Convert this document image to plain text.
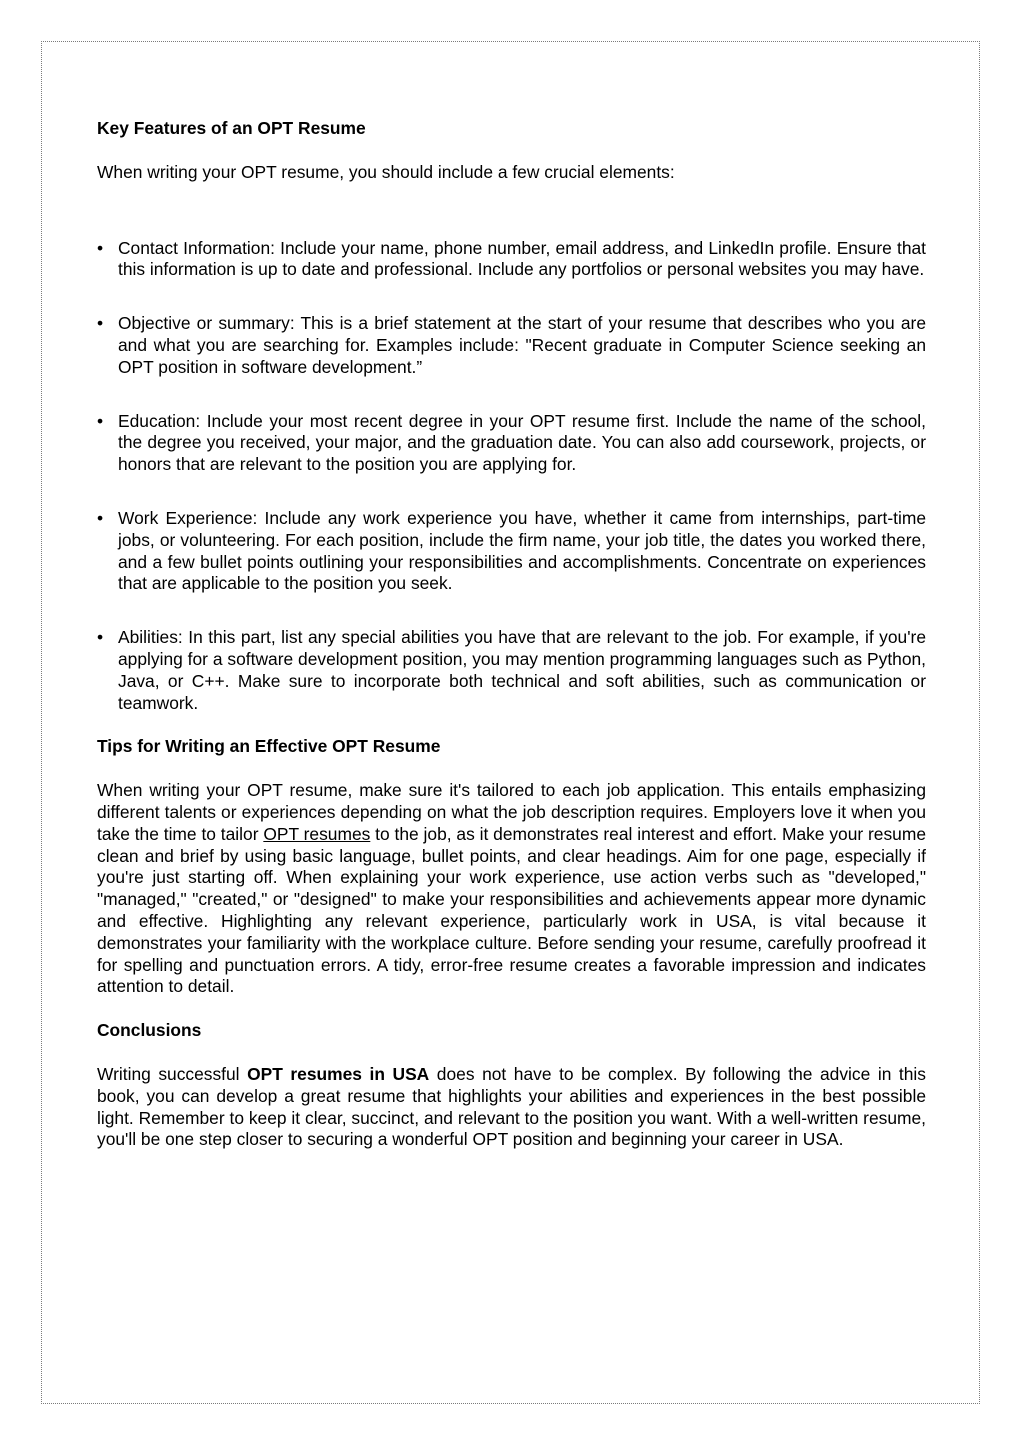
Key Features of an OPT Resume

When writing your OPT resume, you should include a few crucial elements:

• Contact Information: Include your name, phone number, email address, and LinkedIn profile. Ensure that this information is up to date and professional. Include any portfolios or personal websites you may have.
• Objective or summary: This is a brief statement at the start of your resume that describes who you are and what you are searching for. Examples include: "Recent graduate in Computer Science seeking an OPT position in software development.”
• Education: Include your most recent degree in your OPT resume first. Include the name of the school, the degree you received, your major, and the graduation date. You can also add coursework, projects, or honors that are relevant to the position you are applying for.
• Work Experience: Include any work experience you have, whether it came from internships, part-time jobs, or volunteering. For each position, include the firm name, your job title, the dates you worked there, and a few bullet points outlining your responsibilities and accomplishments. Concentrate on experiences that are applicable to the position you seek.
• Abilities: In this part, list any special abilities you have that are relevant to the job. For example, if you're applying for a software development position, you may mention programming languages such as Python, Java, or C++. Make sure to incorporate both technical and soft abilities, such as communication or teamwork.

Tips for Writing an Effective OPT Resume

When writing your OPT resume, make sure it's tailored to each job application. This entails emphasizing different talents or experiences depending on what the job description requires. Employers love it when you take the time to tailor OPT resumes to the job, as it demonstrates real interest and effort. Make your resume clean and brief by using basic language, bullet points, and clear headings. Aim for one page, especially if you're just starting off. When explaining your work experience, use action verbs such as "developed," "managed," "created," or "designed" to make your responsibilities and achievements appear more dynamic and effective. Highlighting any relevant experience, particularly work in USA, is vital because it demonstrates your familiarity with the workplace culture. Before sending your resume, carefully proofread it for spelling and punctuation errors. A tidy, error-free resume creates a favorable impression and indicates attention to detail.

Conclusions

Writing successful OPT resumes in USA does not have to be complex. By following the advice in this book, you can develop a great resume that highlights your abilities and experiences in the best possible light. Remember to keep it clear, succinct, and relevant to the position you want. With a well-written resume, you'll be one step closer to securing a wonderful OPT position and beginning your career in USA.
